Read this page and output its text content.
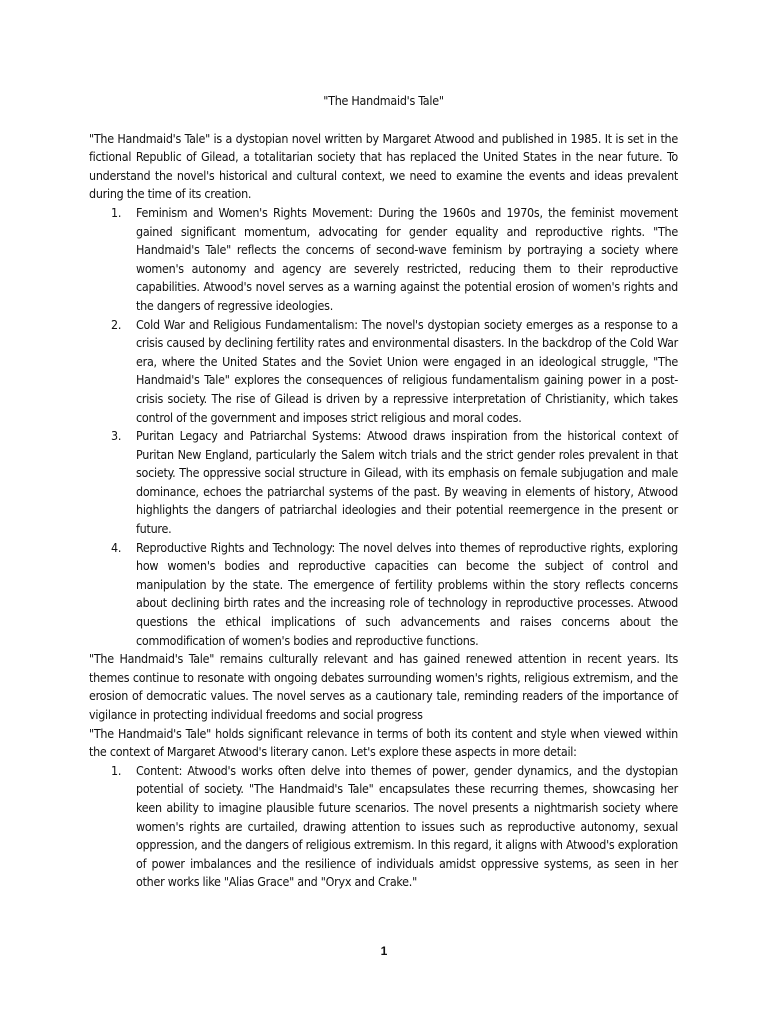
"The Handmaid's Tale"

"The Handmaid's Tale" is a dystopian novel written by Margaret Atwood and published in 1985. It is set in the fictional Republic of Gilead, a totalitarian society that has replaced the United States in the near future. To understand the novel's historical and cultural context, we need to examine the events and ideas prevalent during the time of its creation.

1. Feminism and Women's Rights Movement: During the 1960s and 1970s, the feminist movement gained significant momentum, advocating for gender equality and reproductive rights. "The Handmaid's Tale" reflects the concerns of second-wave feminism by portraying a society where women's autonomy and agency are severely restricted, reducing them to their reproductive capabilities. Atwood's novel serves as a warning against the potential erosion of women's rights and the dangers of regressive ideologies.
2. Cold War and Religious Fundamentalism: The novel's dystopian society emerges as a response to a crisis caused by declining fertility rates and environmental disasters. In the backdrop of the Cold War era, where the United States and the Soviet Union were engaged in an ideological struggle, "The Handmaid's Tale" explores the consequences of religious fundamentalism gaining power in a post-crisis society. The rise of Gilead is driven by a repressive interpretation of Christianity, which takes control of the government and imposes strict religious and moral codes.
3. Puritan Legacy and Patriarchal Systems: Atwood draws inspiration from the historical context of Puritan New England, particularly the Salem witch trials and the strict gender roles prevalent in that society. The oppressive social structure in Gilead, with its emphasis on female subjugation and male dominance, echoes the patriarchal systems of the past. By weaving in elements of history, Atwood highlights the dangers of patriarchal ideologies and their potential reemergence in the present or future.
4. Reproductive Rights and Technology: The novel delves into themes of reproductive rights, exploring how women's bodies and reproductive capacities can become the subject of control and manipulation by the state. The emergence of fertility problems within the story reflects concerns about declining birth rates and the increasing role of technology in reproductive processes. Atwood questions the ethical implications of such advancements and raises concerns about the commodification of women's bodies and reproductive functions.

"The Handmaid's Tale" remains culturally relevant and has gained renewed attention in recent years. Its themes continue to resonate with ongoing debates surrounding women's rights, religious extremism, and the erosion of democratic values. The novel serves as a cautionary tale, reminding readers of the importance of vigilance in protecting individual freedoms and social progress

"The Handmaid's Tale" holds significant relevance in terms of both its content and style when viewed within the context of Margaret Atwood's literary canon. Let's explore these aspects in more detail:

1. Content: Atwood's works often delve into themes of power, gender dynamics, and the dystopian potential of society. "The Handmaid's Tale" encapsulates these recurring themes, showcasing her keen ability to imagine plausible future scenarios. The novel presents a nightmarish society where women's rights are curtailed, drawing attention to issues such as reproductive autonomy, sexual oppression, and the dangers of religious extremism. In this regard, it aligns with Atwood's exploration of power imbalances and the resilience of individuals amidst oppressive systems, as seen in her other works like "Alias Grace" and "Oryx and Crake."
1
